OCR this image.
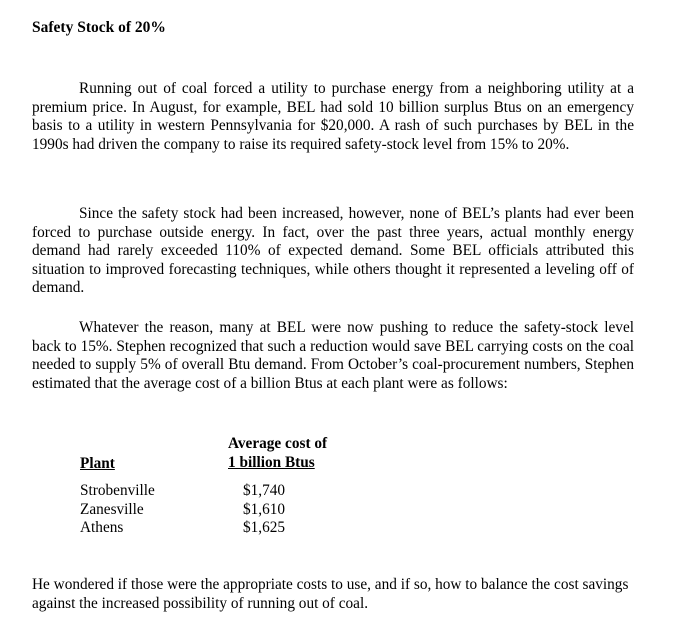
Safety Stock of 20%

Running out of coal forced a utility to purchase energy from a neighboring utility at a premium price. In August, for example, BEL had sold 10 billion surplus Btus on an emergency basis to a utility in western Pennsylvania for $20,000. A rash of such purchases by BEL in the 1990s had driven the company to raise its required safety-stock level from 15% to 20%.

Since the safety stock had been increased, however, none of BEL’s plants had ever been forced to purchase outside energy. In fact, over the past three years, actual monthly energy demand had rarely exceeded 110% of expected demand. Some BEL officials attributed this situation to improved forecasting techniques, while others thought it represented a leveling off of demand.

Whatever the reason, many at BEL were now pushing to reduce the safety-stock level back to 15%. Stephen recognized that such a reduction would save BEL carrying costs on the coal needed to supply 5% of overall Btu demand. From October’s coal-procurement numbers, Stephen estimated that the average cost of a billion Btus at each plant were as follows:

Average cost of
1 billion Btus
Plant
Strobenville
Zanesville
Athens
$1,740
$1,610
$1,625

He wondered if those were the appropriate costs to use, and if so, how to balance the cost savings against the increased possibility of running out of coal.
